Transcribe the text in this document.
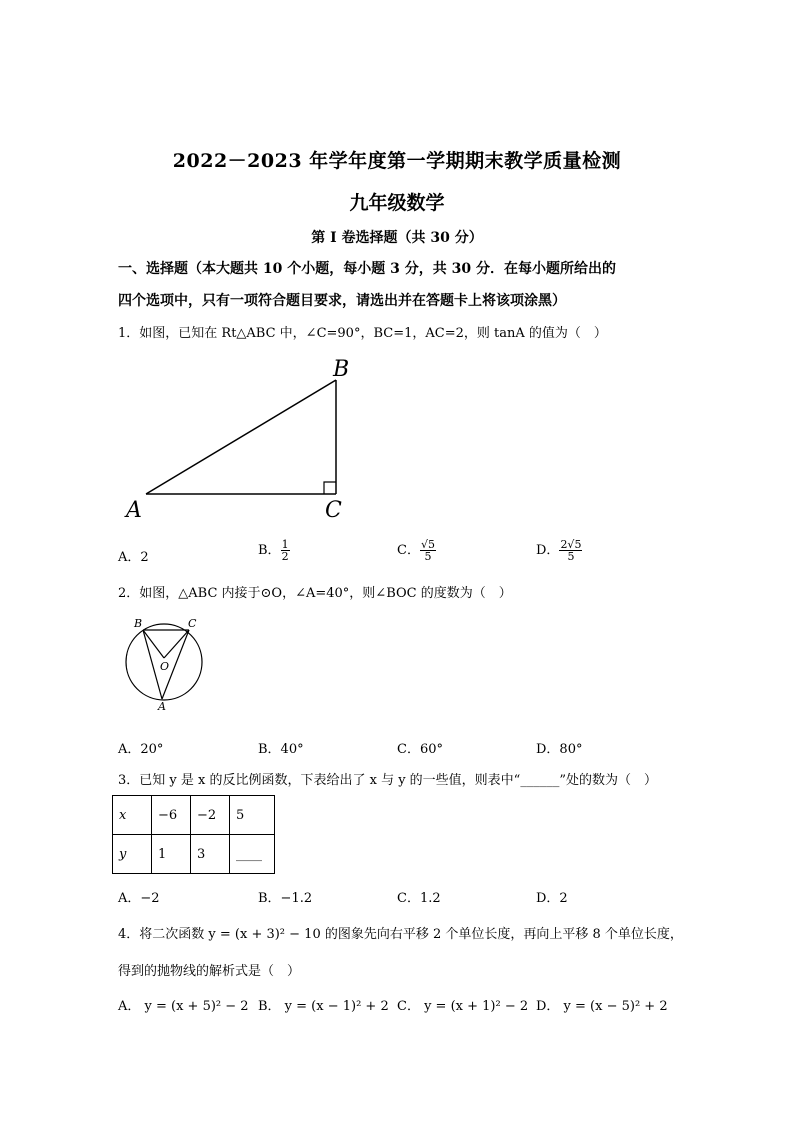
2022－2023 年学年度第一学期期末教学质量检测
九年级数学
第 I 卷选择题（共 30 分）
一、选择题（本大题共 10 个小题，每小题 3 分，共 30 分．在每小题所给出的
四个选项中，只有一项符合题目要求，请选出并在答题卡上将该项涂黑）
1．如图，已知在 Rt△ABC 中，∠C=90°，BC=1，AC=2，则 tanA 的值为（　）
A
B
C
A．2	B． $\frac{1}{2}$	C． $\frac{√5}{5}$	D． $\frac{2√5}{5}$
2．如图，△ABC 内接于⊙O，∠A=40°，则∠BOC 的度数为（　）
B	C
O
A
A．20°	B．40°	C．60°	D．80°
3．已知 y 是 x 的反比例函数，下表给出了 x 与 y 的一些值，则表中“______”处的数为（　）
x	−6	−2	5
y	1	3	____
A．−2	B．−1.2	C．1.2	D．2
4．将二次函数 y = (x + 3)² − 10 的图象先向右平移 2 个单位长度，再向上平移 8 个单位长度，
得到的抛物线的解析式是（　）
A． y = (x + 5)² − 2 B． y = (x − 1)² + 2 C． y = (x + 1)² − 2 D． y = (x − 5)² + 2
